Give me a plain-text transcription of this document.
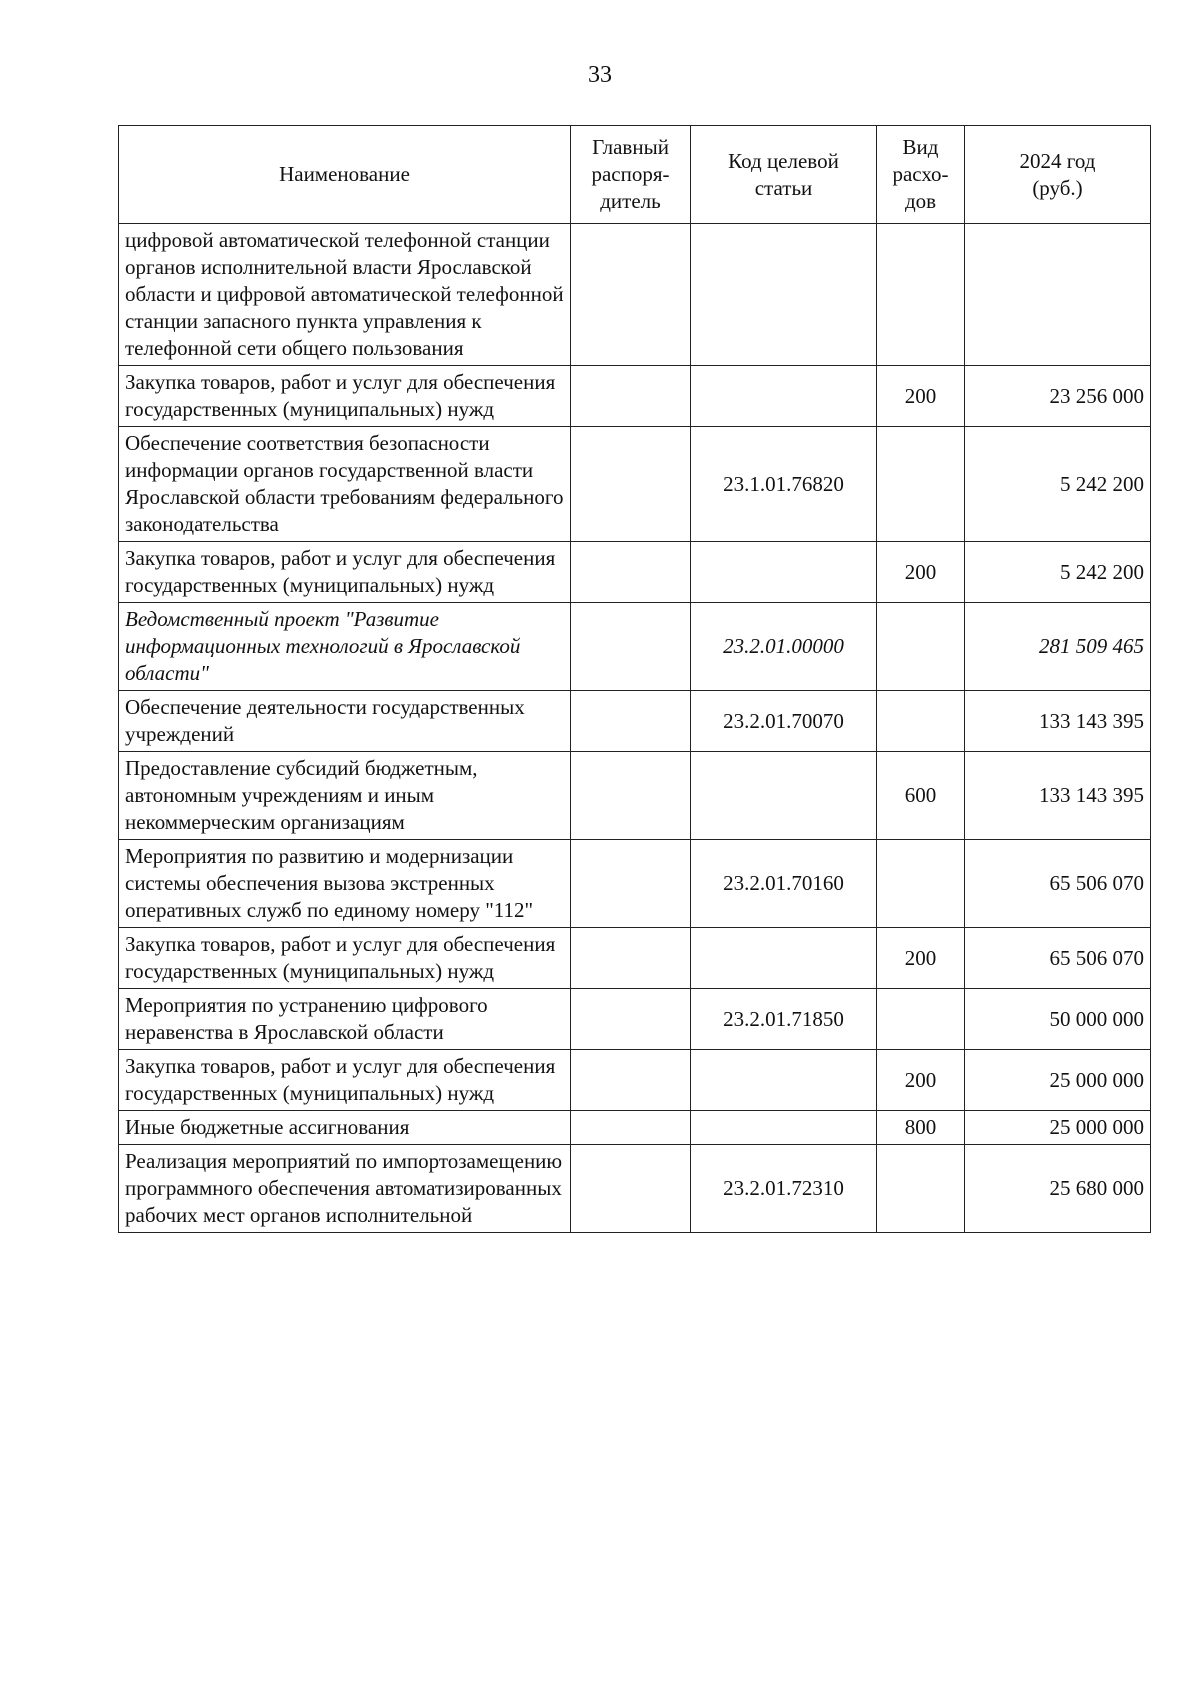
33
Наименование	Главный распоря-дитель	Код целевой статьи	Вид расхо-дов	2024 год (руб.)
цифровой автоматической телефонной станции органов исполнительной власти Ярославской области и цифровой автоматической телефонной станции запасного пункта управления к телефонной сети общего пользования				
Закупка товаров, работ и услуг для обеспечения государственных (муниципальных) нужд			200	23 256 000
Обеспечение соответствия безопасности информации органов государственной власти Ярославской области требованиям федерального законодательства		23.1.01.76820		5 242 200
Закупка товаров, работ и услуг для обеспечения государственных (муниципальных) нужд			200	5 242 200
Ведомственный проект "Развитие информационных технологий в Ярославской области"		23.2.01.00000		281 509 465
Обеспечение деятельности государственных учреждений		23.2.01.70070		133 143 395
Предоставление субсидий бюджетным, автономным учреждениям и иным некоммерческим организациям			600	133 143 395
Мероприятия по развитию и модернизации системы обеспечения вызова экстренных оперативных служб по единому номеру "112"		23.2.01.70160		65 506 070
Закупка товаров, работ и услуг для обеспечения государственных (муниципальных) нужд			200	65 506 070
Мероприятия по устранению цифрового неравенства в Ярославской области		23.2.01.71850		50 000 000
Закупка товаров, работ и услуг для обеспечения государственных (муниципальных) нужд			200	25 000 000
Иные бюджетные ассигнования			800	25 000 000
Реализация мероприятий по импортозамещению программного обеспечения автоматизированных рабочих мест органов исполнительной		23.2.01.72310		25 680 000
